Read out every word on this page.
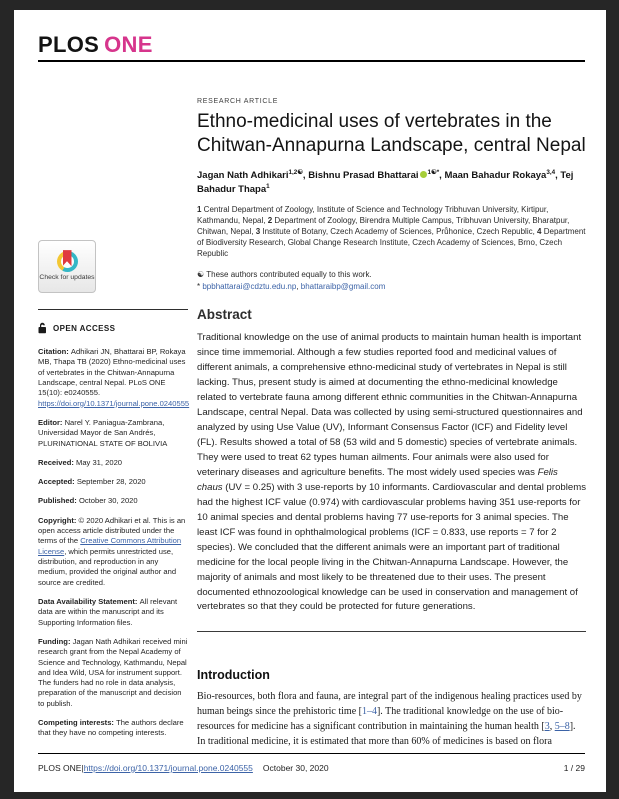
PLOS ONE
Check for updates
OPEN ACCESS

Citation: Adhikari JN, Bhattarai BP, Rokaya MB, Thapa TB (2020) Ethno-medicinal uses of vertebrates in the Chitwan-Annapurna Landscape, central Nepal. PLoS ONE 15(10): e0240555. https://doi.org/10.1371/journal.pone.0240555

Editor: Narel Y. Paniagua-Zambrana, Universidad Mayor de San Andrés, PLURINATIONAL STATE OF BOLIVIA

Received: May 31, 2020

Accepted: September 28, 2020

Published: October 30, 2020

Copyright: © 2020 Adhikari et al. This is an open access article distributed under the terms of the Creative Commons Attribution License, which permits unrestricted use, distribution, and reproduction in any medium, provided the original author and source are credited.

Data Availability Statement: All relevant data are within the manuscript and its Supporting Information files.

Funding: Jagan Nath Adhikari received mini research grant from the Nepal Academy of Science and Technology, Kathmandu, Nepal and Idea Wild, USA for instrument support. The funders had no role in data analysis, preparation of the manuscript and decision to publish.

Competing interests: The authors declare that they have no competing interests.

RESEARCH ARTICLE
Ethno-medicinal uses of vertebrates in the Chitwan-Annapurna Landscape, central Nepal
Jagan Nath Adhikari$^{1,2☯}$, Bishnu Prasad Bhattarai $^{1☯*}$, Maan Bahadur Rokaya$^{3,4}$, Tej Bahadur Thapa$^1$
1 Central Department of Zoology, Institute of Science and Technology Tribhuvan University, Kirtipur, Kathmandu, Nepal, 2 Department of Zoology, Birendra Multiple Campus, Tribhuvan University, Bharatpur, Chitwan, Nepal, 3 Institute of Botany, Czech Academy of Sciences, Průhonice, Czech Republic, 4 Department of Biodiversity Research, Global Change Research Institute, Czech Academy of Sciences, Brno, Czech Republic
☯ These authors contributed equally to this work.
* bpbhattarai@cdztu.edu.np, bhattaraibp@gmail.com
Abstract

Traditional knowledge on the use of animal products to maintain human health is important since time immemorial. Although a few studies reported food and medicinal values of different animals, a comprehensive ethno-medicinal study of vertebrates in Nepal is still lacking. Thus, present study is aimed at documenting the ethno-medicinal knowledge related to vertebrate fauna among different ethnic communities in the Chitwan-Annapurna Landscape, central Nepal. Data was collected by using semi-structured questionnaires and analyzed by using Use Value (UV), Informant Consensus Factor (ICF) and Fidelity level (FL). Results showed a total of 58 (53 wild and 5 domestic) species of vertebrate animals. They were used to treat 62 types human ailments. Four animals were also used for veterinary diseases and agriculture benefits. The most widely used species was Felis chaus (UV = 0.25) with 3 use-reports by 10 informants. Cardiovascular and dental problems had the highest ICF value (0.974) with cardiovascular problems having 351 use-reports for 10 animal species and dental problems having 77 use-reports for 3 animal species. The least ICF was found in ophthalmological problems (ICF = 0.833, use reports = 7 for 2 species). We concluded that the different animals were an important part of traditional medicine for the local people living in the Chitwan-Annapurna Landscape. However, the majority of animals and most likely to be threatened due to their uses. The present documented ethnozoological knowledge can be used in conservation and management of vertebrates so that they could be protected for future generations.

Introduction

Bio-resources, both flora and fauna, are integral part of the indigenous healing practices used by human beings since the prehistoric time [1–4]. The traditional knowledge on the use of bio-resources for medicine has a significant contribution in maintaining the human health [3, 5–8]. In traditional medicine, it is estimated that more than 60% of medicines is based on flora

PLOS ONE | https://doi.org/10.1371/journal.pone.0240555 October 30, 2020	1 / 29
